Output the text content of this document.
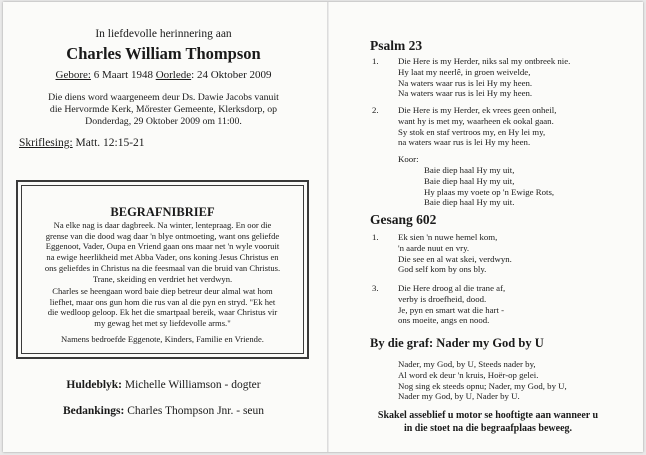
In liefdevolle herinnering aan
Charles William Thompson
Gebore: 6 Maart 1948 Oorlede: 24 Oktober 2009
Die diens word waargeneem deur Ds. Dawie Jacobs vanuit
die Hervormde Kerk, Mőrester Gemeente, Klerksdorp, op
Donderdag, 29 Oktober 2009 om 11:00.
Skriflesing: Matt. 12:15-21
BEGRAFNIBRIEF
Na elke nag is daar dagbreek. Na winter, lentepraag. En oor die
grense van die dood wag daar 'n blye ontmoeting, want ons geliefde
Eggenoot, Vader, Oupa en Vriend gaan ons maar net 'n wyle vooruit
na ewige heerlikheid met Abba Vader, ons koning Jesus Christus en
ons geliefdes in Christus na die feesmaal van die bruid van Christus.
Trane, skeiding en verdriet het verdwyn.
Charles se heengaan word baie diep betreur deur almal wat hom
liefhet, maar ons gun hom die rus van al die pyn en stryd. "Ek het
die wedloop geloop. Ek het die smartpaal bereik, waar Christus vir
my gewag het met sy liefdevolle arms."
Namens bedroefde Eggenote, Kinders, Familie en Vriende.
Huldeblyk: Michelle Williamson - dogter
Bedankings: Charles Thompson Jnr. - seun
Psalm 23
1. Die Here is my Herder, niks sal my ontbreek nie.
Hy laat my neerlê, in groen weivelde,
Na waters waar rus is lei Hy my heen.
Na waters waar rus is lei Hy my heen.
2. Die Here is my Herder, ek vrees geen onheil,
want hy is met my, waarheen ek ookal gaan.
Sy stok en staf vertroos my, en Hy lei my,
na waters waar rus is lei Hy my heen.
Koor:
Baie diep haal Hy my uit,
Baie diep haal Hy my uit,
Hy plaas my voete op 'n Ewige Rots,
Baie diep haal Hy my uit.
Gesang 602
1. Ek sien 'n nuwe hemel kom,
'n aarde nuut en vry.
Die see en al wat skei, verdwyn.
God self kom by ons bly.
3. Die Here droog al die trane af,
verby is droefheid, dood.
Je, pyn en smart wat die hart -
ons moeite, angs en nood.
By die graf: Nader my God by U
Nader, my God, by U, Steeds nader by,
Al word ek deur 'n kruis, Hoër-op gelei.
Nog sing ek steeds opnu; Nader, my God, by U,
Nader my God, by U, Nader by U.
Skakel asseblief u motor se hooftigte aan wanneer u
in die stoet na die begraafplaas beweeg.
